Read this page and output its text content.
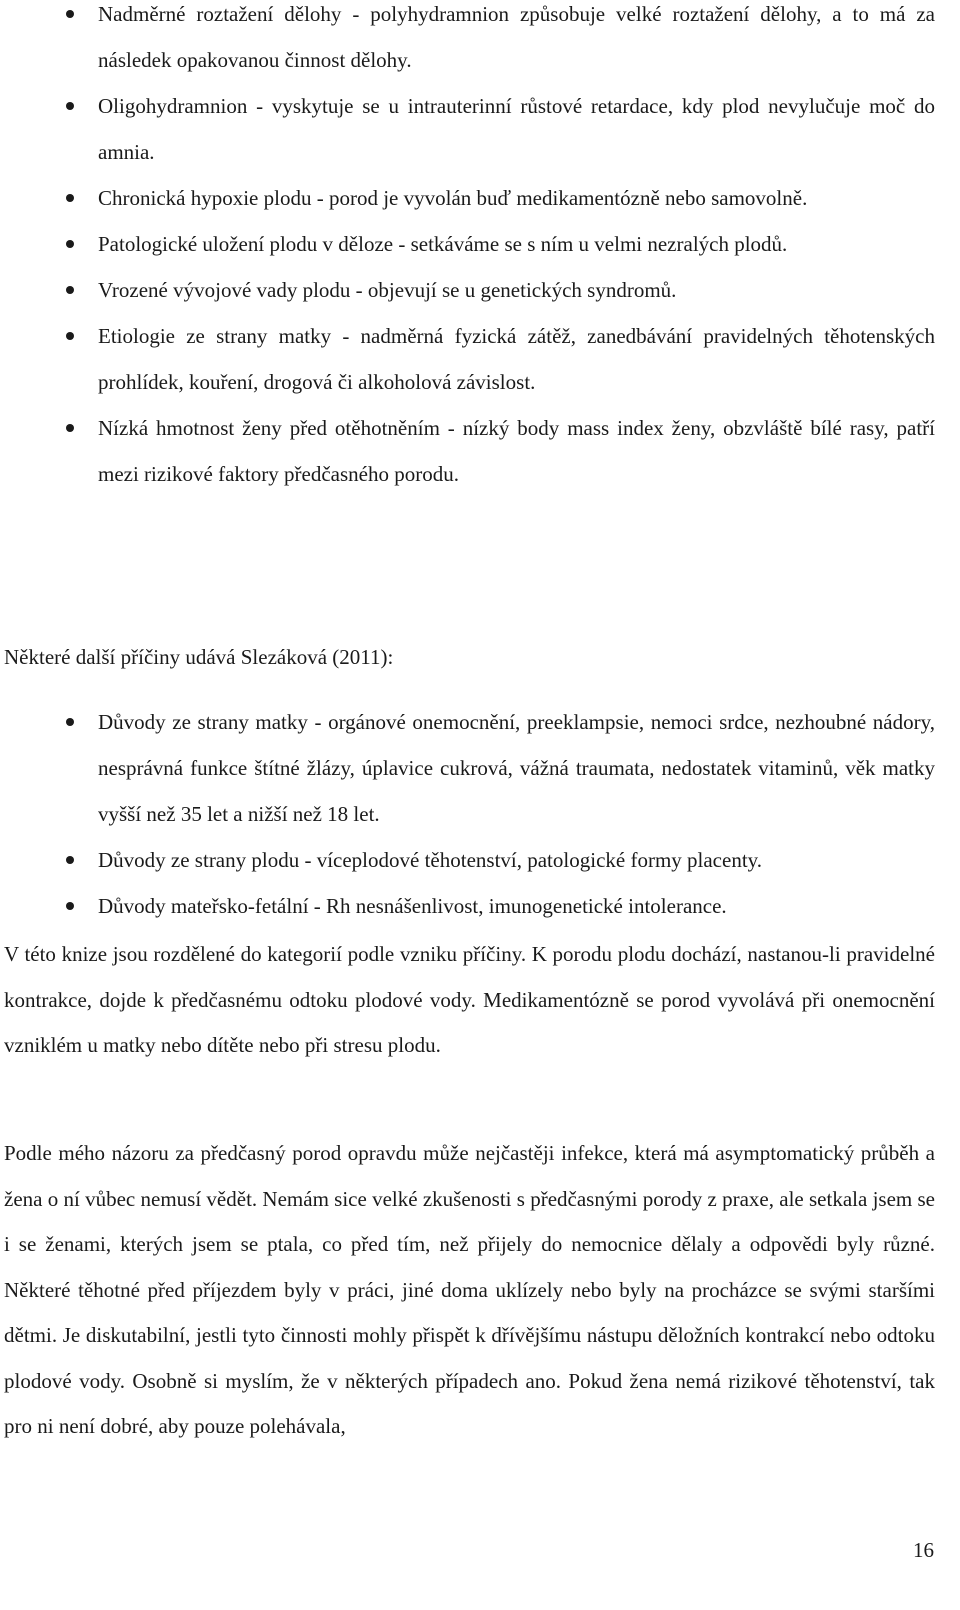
Nadměrné roztažení dělohy - polyhydramnion způsobuje velké roztažení dělohy, a to má za následek opakovanou činnost dělohy.
Oligohydramnion - vyskytuje se u intrauterinní růstové retardace, kdy plod nevylučuje moč do amnia.
Chronická hypoxie plodu - porod je vyvolán buď medikamentózně nebo samovolně.
Patologické uložení plodu v děloze - setkáváme se s ním u velmi nezralých plodů.
Vrozené vývojové vady plodu - objevují se u genetických syndromů.
Etiologie ze strany matky - nadměrná fyzická zátěž, zanedbávání pravidelných těhotenských prohlídek, kouření, drogová či alkoholová závislost.
Nízká hmotnost ženy před otěhotněním - nízký body mass index ženy, obzvláště bílé rasy, patří mezi rizikové faktory předčasného porodu.

Některé další příčiny udává Slezáková (2011):

Důvody ze strany matky - orgánové onemocnění, preeklampsie, nemoci srdce, nezhoubné nádory, nesprávná funkce štítné žlázy, úplavice cukrová, vážná traumata, nedostatek vitaminů, věk matky vyšší než 35 let a nižší než 18 let.
Důvody ze strany plodu - víceplodové těhotenství, patologické formy placenty.
Důvody mateřsko-fetální - Rh nesnášenlivost, imunogenetické intolerance.

V této knize jsou rozdělené do kategorií podle vzniku příčiny. K porodu plodu dochází, nastanou-li pravidelné kontrakce, dojde k předčasnému odtoku plodové vody. Medikamentózně se porod vyvolává při onemocnění vzniklém u matky nebo dítěte nebo při stresu plodu.

Podle mého názoru za předčasný porod opravdu může nejčastěji infekce, která má asymptomatický průběh a žena o ní vůbec nemusí vědět. Nemám sice velké zkušenosti s předčasnými porody z praxe, ale setkala jsem se i se ženami, kterých jsem se ptala, co před tím, než přijely do nemocnice dělaly a odpovědi byly různé. Některé těhotné před příjezdem byly v práci, jiné doma uklízely nebo byly na procházce se svými staršími dětmi. Je diskutabilní, jestli tyto činnosti mohly přispět k dřívějšímu nástupu děložních kontrakcí nebo odtoku plodové vody. Osobně si myslím, že v některých případech ano. Pokud žena nemá rizikové těhotenství, tak pro ni není dobré, aby pouze polehávala,

16
